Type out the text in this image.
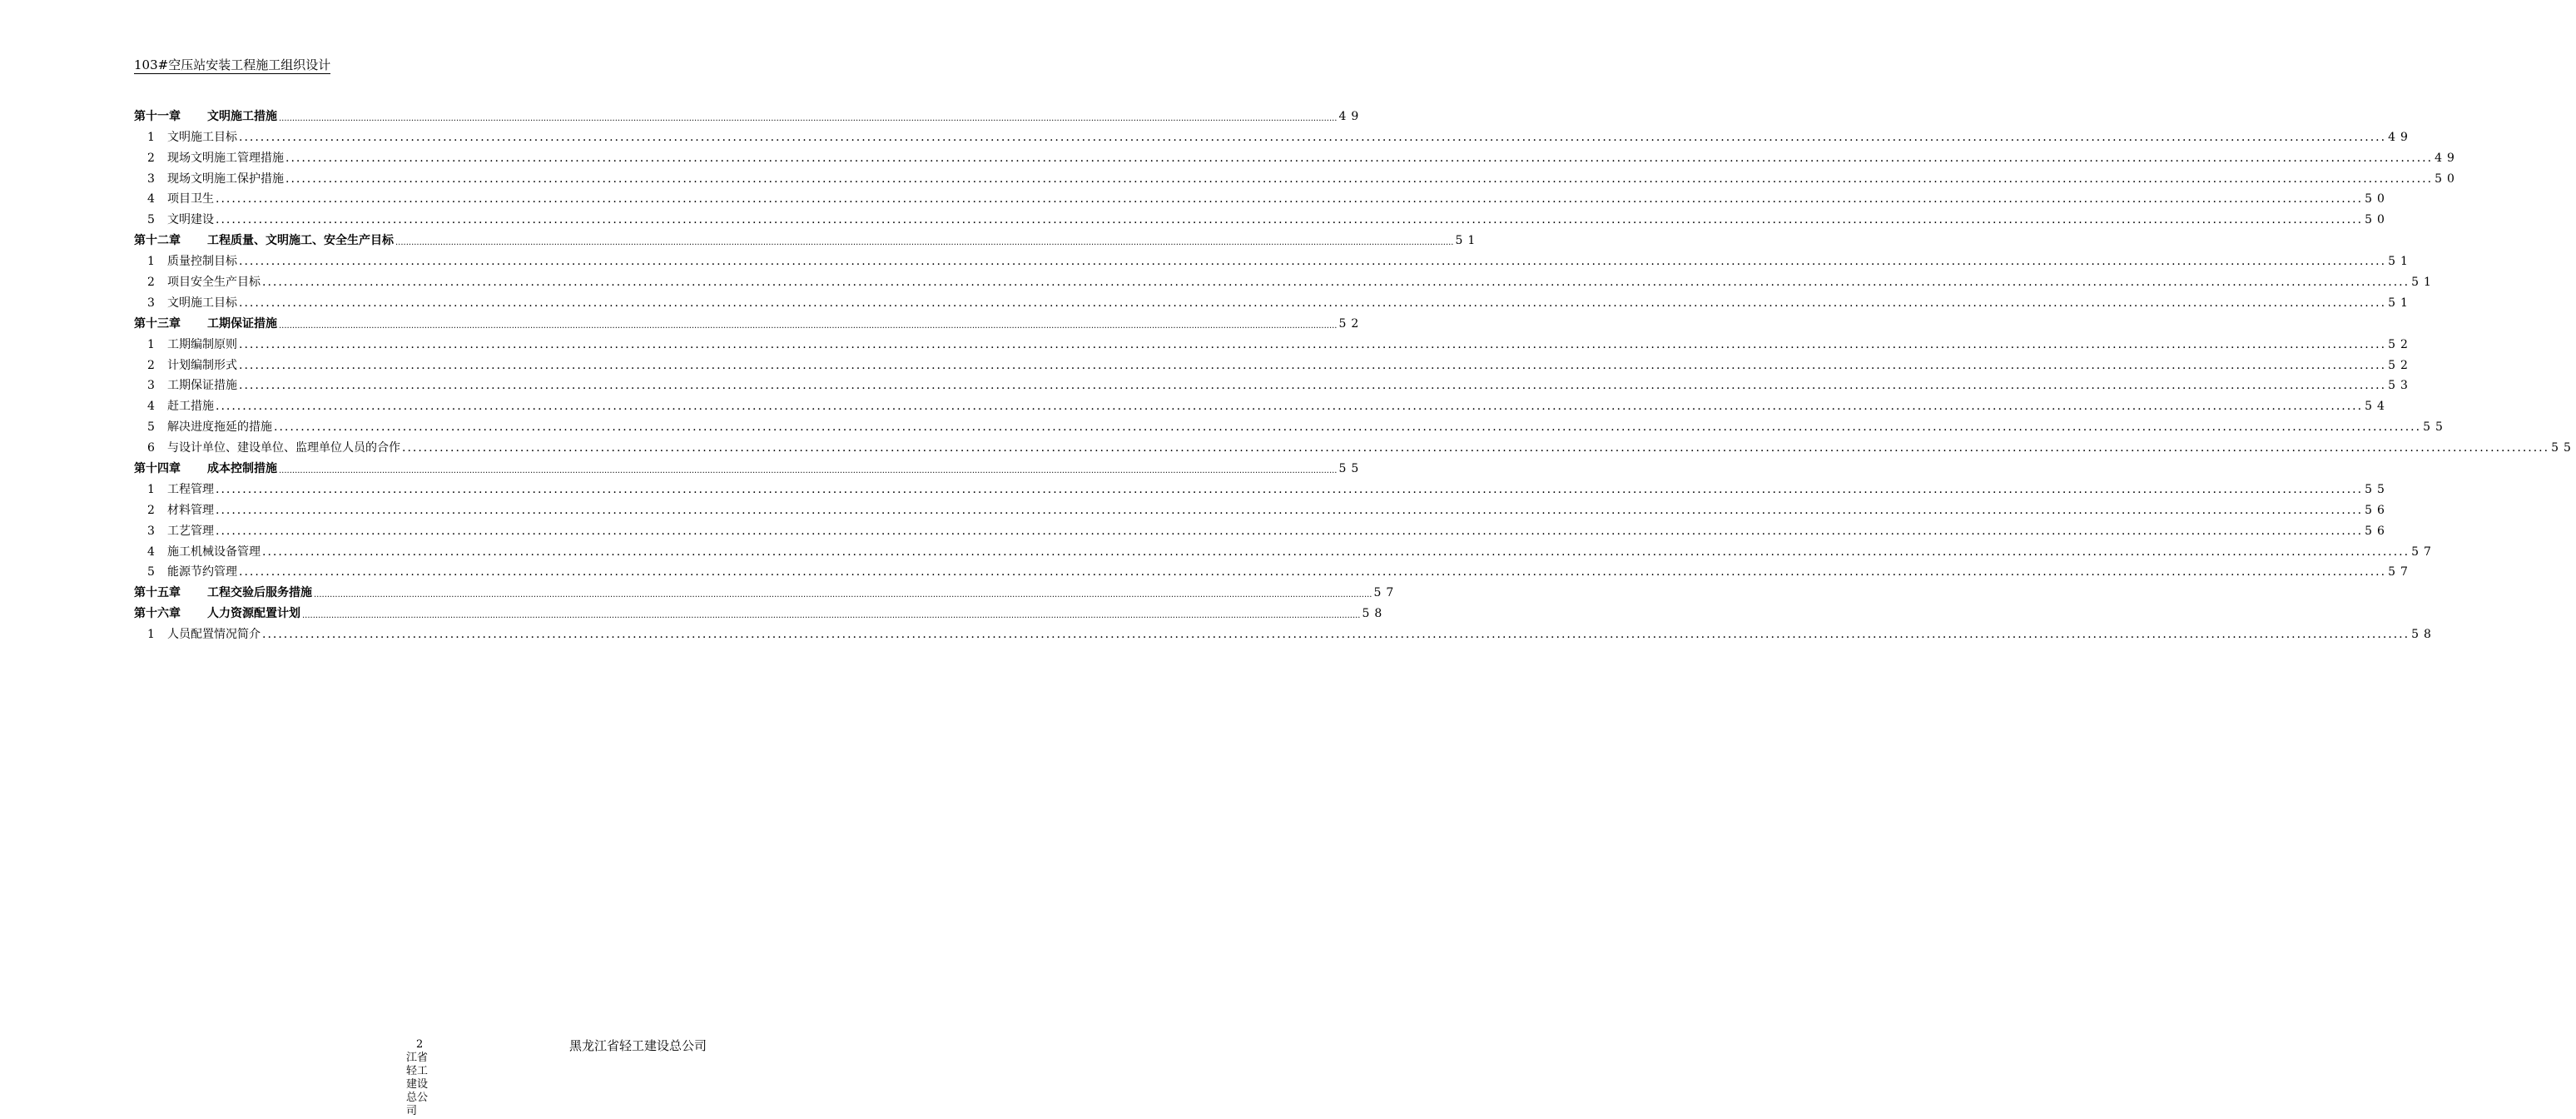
103#空压站安装工程施工组织设计
第十一章	文明施工措施 ................................................................................................................................................................................................................................................................................................................................................................................................................ 49
1	文明施工目标 ................................................................................................................................................................................................................................................................................................................................................................................................................ 49
2	现场文明施工管理措施 ................................................................................................................................................................................................................................................................................................................................................................................................................ 49
3	现场文明施工保护措施 ................................................................................................................................................................................................................................................................................................................................................................................................................ 50
4	项目卫生 ................................................................................................................................................................................................................................................................................................................................................................................................................ 50
5	文明建设 ................................................................................................................................................................................................................................................................................................................................................................................................................ 50
第十二章	工程质量、文明施工、安全生产目标 ................................................................................................................................................................................................................................................................................................................................................................................................................ 51
1	质量控制目标 ................................................................................................................................................................................................................................................................................................................................................................................................................ 51
2	项目安全生产目标 ................................................................................................................................................................................................................................................................................................................................................................................................................ 51
3	文明施工目标 ................................................................................................................................................................................................................................................................................................................................................................................................................ 51
第十三章	工期保证措施 ................................................................................................................................................................................................................................................................................................................................................................................................................ 52
1	工期编制原则 ................................................................................................................................................................................................................................................................................................................................................................................................................ 52
2	计划编制形式 ................................................................................................................................................................................................................................................................................................................................................................................................................ 52
3	工期保证措施 ................................................................................................................................................................................................................................................................................................................................................................................................................ 53
4	赶工措施 ................................................................................................................................................................................................................................................................................................................................................................................................................ 54
5	解决进度拖延的措施 ................................................................................................................................................................................................................................................................................................................................................................................................................ 55
6	与设计单位、建设单位、监理单位人员的合作 ................................................................................................................................................................................................................................................................................................................................................................................................................ 55
第十四章	成本控制措施 ................................................................................................................................................................................................................................................................................................................................................................................................................ 55
1	工程管理 ................................................................................................................................................................................................................................................................................................................................................................................................................ 55
2	材料管理 ................................................................................................................................................................................................................................................................................................................................................................................................................ 56
3	工艺管理 ................................................................................................................................................................................................................................................................................................................................................................................................................ 56
4	施工机械设备管理 ................................................................................................................................................................................................................................................................................................................................................................................................................ 57
5	能源节约管理 ................................................................................................................................................................................................................................................................................................................................................................................................................ 57
第十五章	工程交验后服务措施 ................................................................................................................................................................................................................................................................................................................................................................................................................ 57
第十六章	人力资源配置计划 ................................................................................................................................................................................................................................................................................................................................................................................................................ 58
1	人员配置情况简介 ................................................................................................................................................................................................................................................................................................................................................................................................................ 58
2
江省轻工建设总公司
黑龙江省轻工建设总公司
